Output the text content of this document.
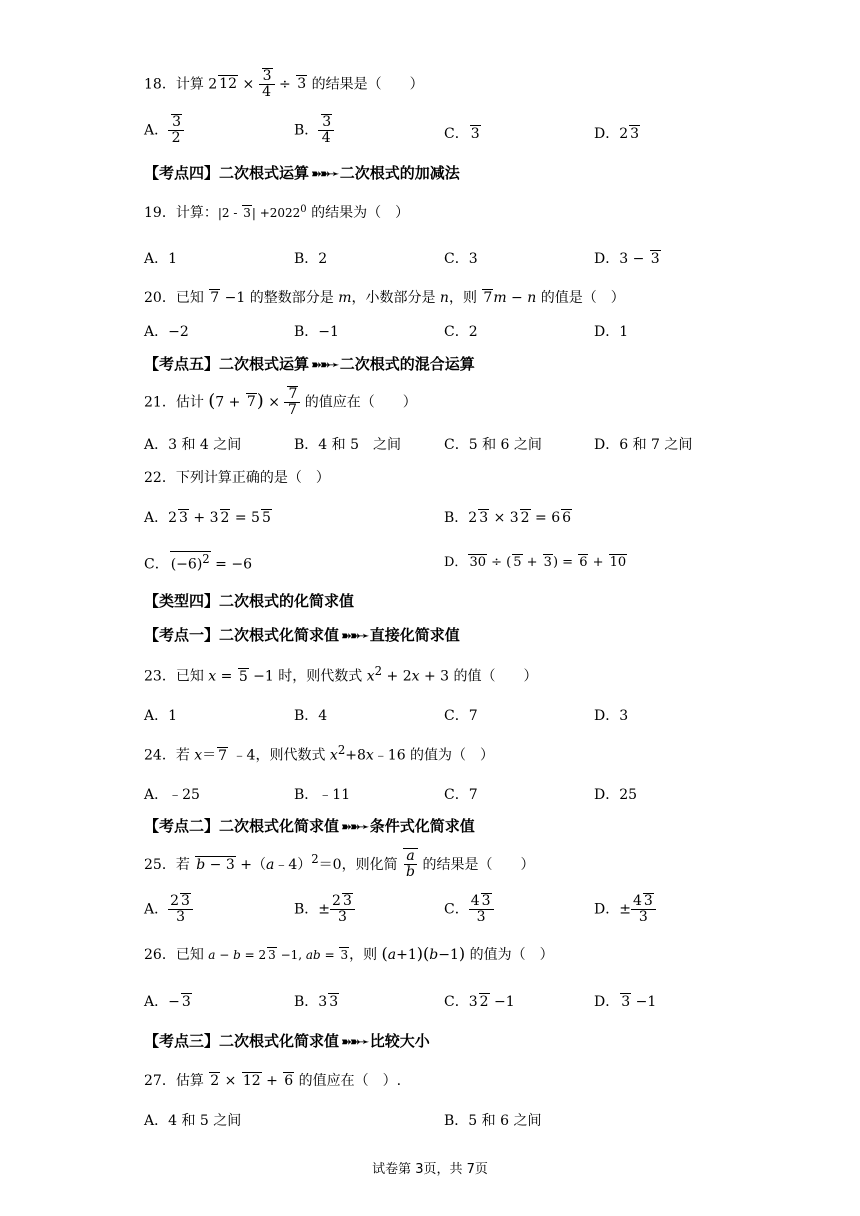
18．计算 2 $12 \times \frac{3}{4} \div 3$ 的结果是（　　）
A． $\frac{3}{2}$	B． $\frac{3}{4}$	C． 3	D．2 3
【考点四】二次根式运算 ➽➽➛ 二次根式的加减法
19．计算：$|2 - 3| +2022^0$ 的结果为（　）
A．1	B．2	C．3	D．3 − 3
20．已知 7 −1 的整数部分是 m，小数部分是 n，则 7m − n 的值是（　）
A．−2	B．−1	C．2	D．1
【考点五】二次根式运算 ➽➽➛ 二次根式的混合运算
21．估计 $(7 + 7) \times \frac{7}{7}$ 的值应在（　　）
A．3 和 4 之间	B．4 和 5　之间	C．5 和 6 之间	D．6 和 7 之间
22．下列计算正确的是（　）
A．2 3 + 3 2 = 5 5	B．2 3 × 3 2 = 6 6
C． $(-6)^2 = -6$	D． 30 ÷ ( 5 + 3) = 6 + 10
【类型四】二次根式的化简求值
【考点一】二次根式化简求值 ➽➽➛ 直接化简求值
23．已知 x = 5 −1 时，则代数式 $x^2 + 2x + 3$ 的值（　　）
A．1	B．4	C．7	D．3
24．若 x＝ 7 ﹣4，则代数式 $x^2+8x﹣16$ 的值为（　）
A．﹣25	B．﹣11	C．7	D．25
【考点二】二次根式化简求值 ➽➽➛ 条件式化简求值
25．若 b − 3 +（a﹣4）$^2$＝0，则化简 $\frac{a}{b}$ 的结果是（　　）
A． $\frac{2 3}{3}$	B．± $\frac{2 3}{3}$	C． $\frac{4 3}{3}$	D．± $\frac{4 3}{3}$
26．已知 a − b = 2 3 −1, ab = 3，则 (a+1)(b−1) 的值为（　）
A．− 3	B．3 3	C．3 2 −1	D． 3 −1
【考点三】二次根式化简求值 ➽➽➛ 比较大小
27．估算 2 × 12 + 6 的值应在（　）.
A．4 和 5 之间	B．5 和 6 之间
试卷第 3页，共 7页
